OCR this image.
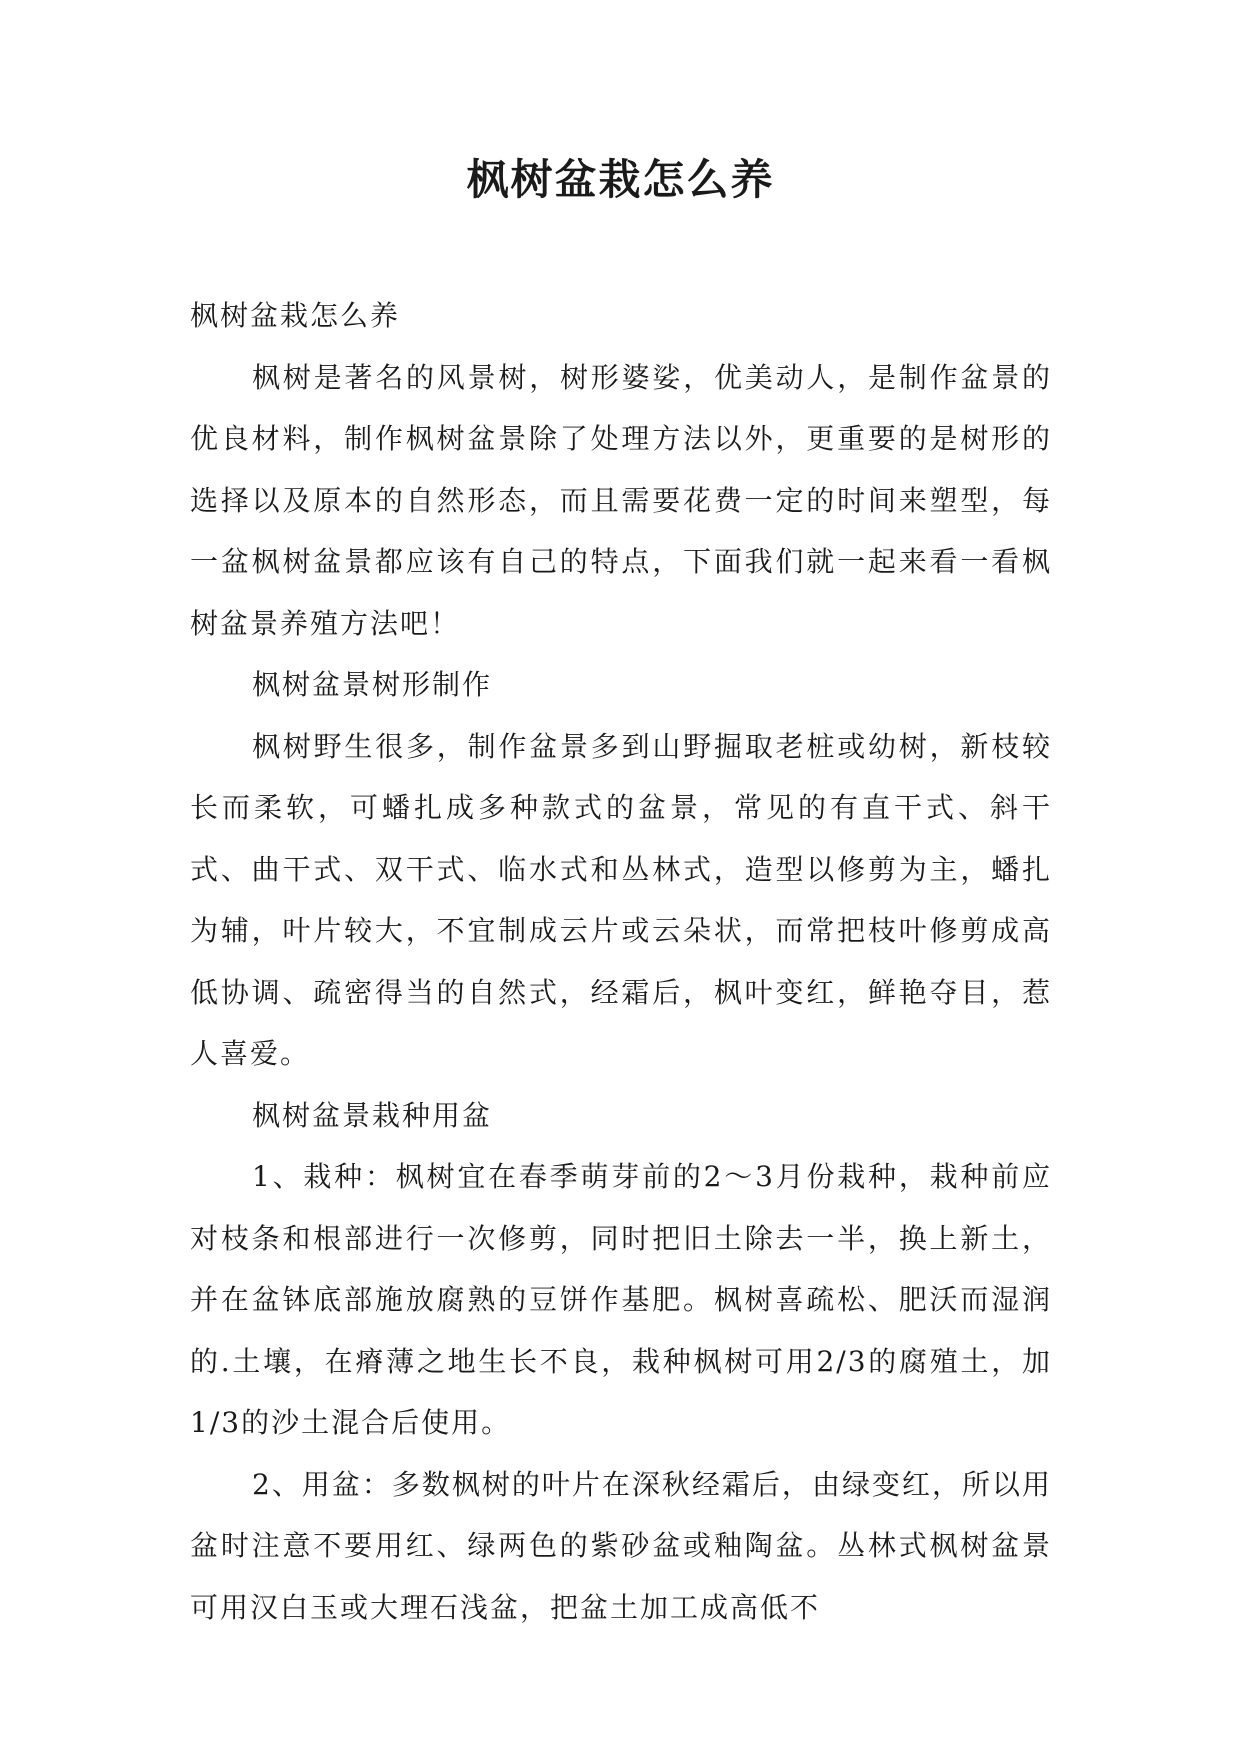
枫树盆栽怎么养

枫树盆栽怎么养

枫树是著名的风景树，树形婆娑，优美动人，是制作盆景的优良材料，制作枫树盆景除了处理方法以外，更重要的是树形的选择以及原本的自然形态，而且需要花费一定的时间来塑型，每一盆枫树盆景都应该有自己的特点，下面我们就一起来看一看枫树盆景养殖方法吧！

枫树盆景树形制作

枫树野生很多，制作盆景多到山野掘取老桩或幼树，新枝较长而柔软，可蟠扎成多种款式的盆景，常见的有直干式、斜干式、曲干式、双干式、临水式和丛林式，造型以修剪为主，蟠扎为辅，叶片较大，不宜制成云片或云朵状，而常把枝叶修剪成高低协调、疏密得当的自然式，经霜后，枫叶变红，鲜艳夺目，惹人喜爱。

枫树盆景栽种用盆

1、栽种：枫树宜在春季萌芽前的2～3月份栽种，栽种前应对枝条和根部进行一次修剪，同时把旧土除去一半，换上新土，并在盆钵底部施放腐熟的豆饼作基肥。枫树喜疏松、肥沃而湿润的.土壤，在瘠薄之地生长不良，栽种枫树可用2/3的腐殖土，加1/3的沙土混合后使用。

2、用盆：多数枫树的叶片在深秋经霜后，由绿变红，所以用盆时注意不要用红、绿两色的紫砂盆或釉陶盆。丛林式枫树盆景可用汉白玉或大理石浅盆，把盆土加工成高低不
